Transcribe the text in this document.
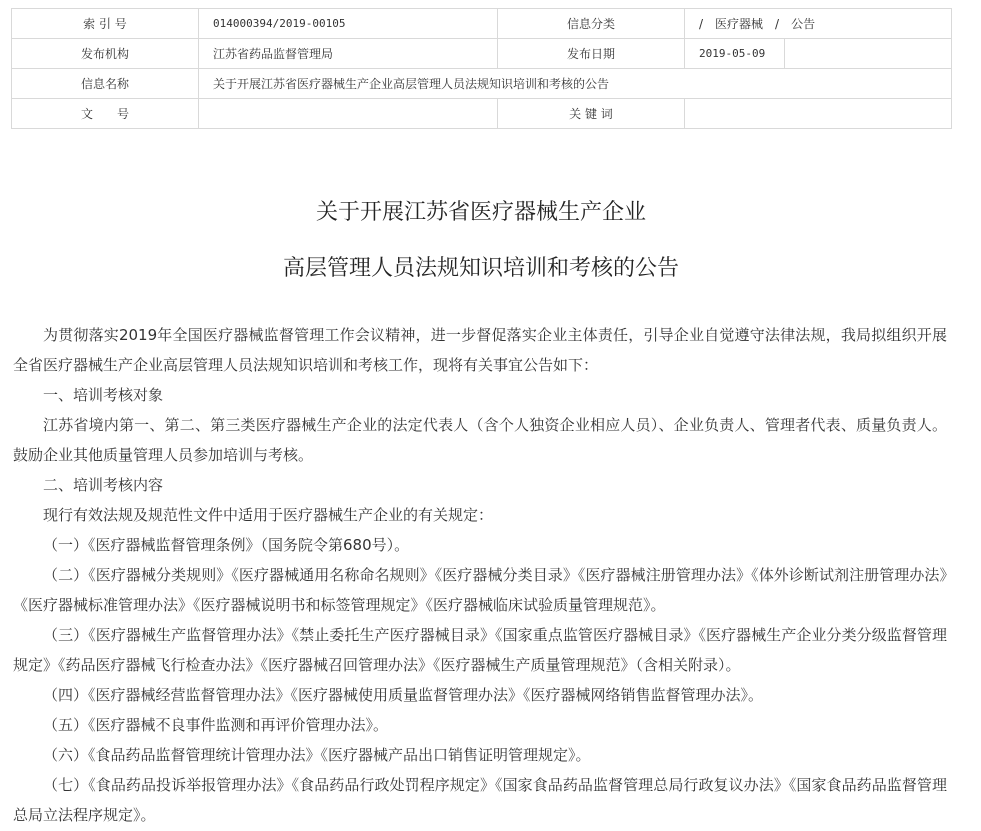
索 引 号	014000394/2019-00105	信息分类	/　医疗器械　/　公告	
发布机构	江苏省药品监督管理局	发布日期	2019-05-09	
信息名称	关于开展江苏省医疗器械生产企业高层管理人员法规知识培训和考核的公告			
文　　号		关 键 词		
关于开展江苏省医疗器械生产企业
高层管理人员法规知识培训和考核的公告

为贯彻落实2019年全国医疗器械监督管理工作会议精神，进一步督促落实企业主体责任，引导企业自觉遵守法律法规，我局拟组织开展全省医疗器械生产企业高层管理人员法规知识培训和考核工作，现将有关事宜公告如下：

一、培训考核对象

江苏省境内第一、第二、第三类医疗器械生产企业的法定代表人（含个人独资企业相应人员）、企业负责人、管理者代表、质量负责人。鼓励企业其他质量管理人员参加培训与考核。

二、培训考核内容

现行有效法规及规范性文件中适用于医疗器械生产企业的有关规定：

（一）《医疗器械监督管理条例》（国务院令第680号）。

（二）《医疗器械分类规则》《医疗器械通用名称命名规则》《医疗器械分类目录》《医疗器械注册管理办法》《体外诊断试剂注册管理办法》《医疗器械标准管理办法》《医疗器械说明书和标签管理规定》《医疗器械临床试验质量管理规范》。

（三）《医疗器械生产监督管理办法》《禁止委托生产医疗器械目录》《国家重点监管医疗器械目录》《医疗器械生产企业分类分级监督管理规定》《药品医疗器械飞行检查办法》《医疗器械召回管理办法》《医疗器械生产质量管理规范》（含相关附录）。

（四）《医疗器械经营监督管理办法》《医疗器械使用质量监督管理办法》《医疗器械网络销售监督管理办法》。

（五）《医疗器械不良事件监测和再评价管理办法》。

（六）《食品药品监督管理统计管理办法》《医疗器械产品出口销售证明管理规定》。

（七）《食品药品投诉举报管理办法》《食品药品行政处罚程序规定》《国家食品药品监督管理总局行政复议办法》《国家食品药品监督管理总局立法程序规定》。
